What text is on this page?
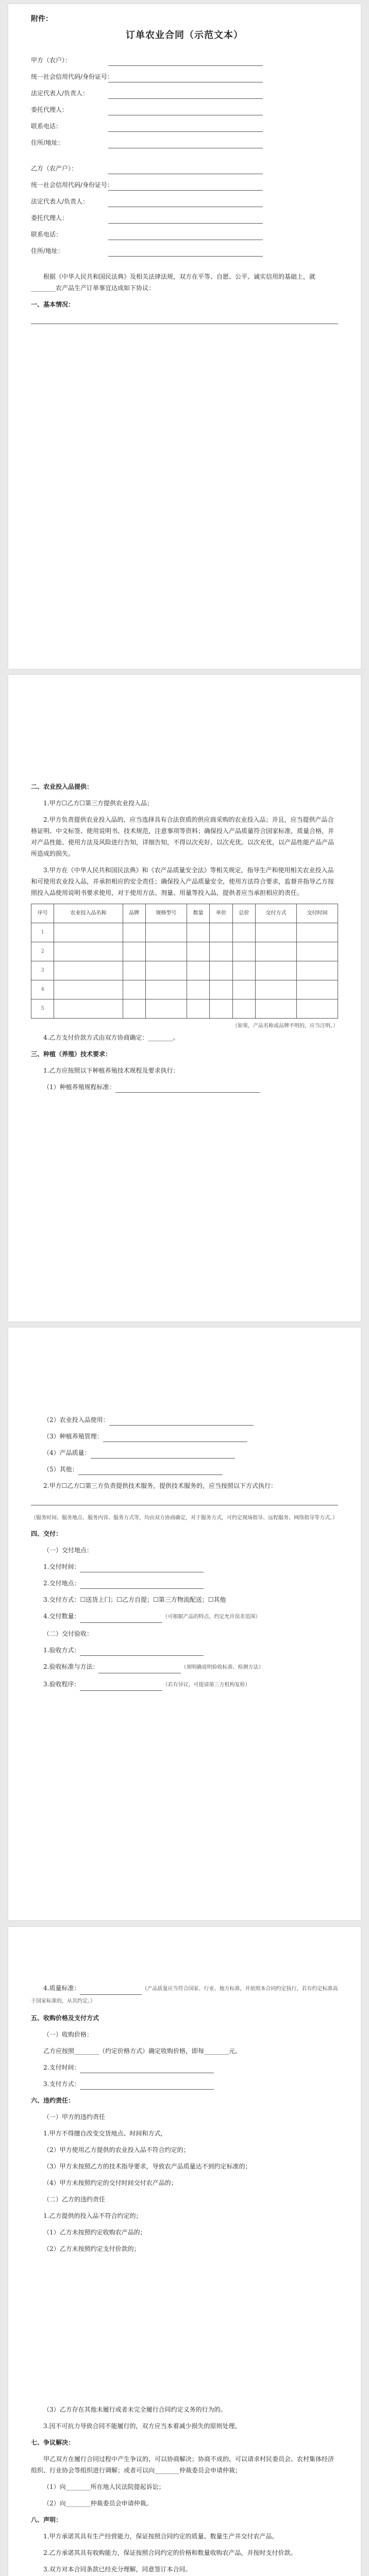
附件：
订单农业合同（示范文本）
甲方（农户）：
统一社会信用代码/身份证号：
法定代表人/负责人：
委托代理人：
联系电话：
住所/地址：
乙方（农产户）：
统一社会信用代码/身份证号：
法定代表人/负责人：
委托代理人：
联系电话：
住所/地址：
根据《中华人民共和国民法典》及相关法律法规，双方在平等、自愿、公平、诚实信用的基础上，就________农产品生产订单事宜达成如下协议：
一、基本情况：
二、农业投入品提供：
1.甲方☐乙方☐第三方提供农业投入品；
2.甲方负责提供农业投入品的，应当选择具有合法资质的供应商采购的农业投入品；并且，应当提供产品合格证明、中文标签、使用说明书、技术规范，注意事项等资料；确保投入产品质量符合国家标准，质量合格，并对产品性能、使用方法及风险进行告知，详细告知，不得以次充好、以次充优。以次充优，以产品性能产品产品所造成的损失。
3.甲方在《中华人民共和国民法典》和《农产品质量安全法》等相关规定，指导生产和使用相关农业投入品和可使用农业投入品，并承担相应的安全责任；确保投入产品质量安全，使用方法符合要求，监督并指导乙方按照投入品使用说明书要求使用，对于使用方法、剂量、用量等投入品，提供者应当承担相应的责任。
序号	农业投入品名称	品牌	规格型号	数量	单价	总价	交付方式	交付时间
1								
2								
3								
4								
5								
（如果，产品名称或品牌不明的，应当注明。）
4.乙方支付价款方式由双方协商确定：________。
三、种植（养殖）技术要求：
1.乙方应按照以下种植养殖技术规程及要求执行：
（1）种植养殖规程标准：
（2）农业投入品使用：
（3）种植养殖管理：
（4）产品质量：
（5）其他：
2.甲方☐乙方☐第三方负责提供技术服务，提供技术服务的，应当按照以下方式执行：
（服务时间、服务地点、服务内容、服务方式等，均由双方协商确定，对于服务方式，可约定现场指导、远程服务、网络指导等方式。）
四、交付：
（一）交付地点：
1.交付时间：
2.交付地点：
3.交付方式：☐送货上门；☐乙方自提；☐第三方物流配送；☐其他
4.交付数量：	（可根据产品的特点，约定允许误差范围）
（二）交付验收：
1.验收方式：
2.验收标准与方法：	（须明确说明验收标准、检测方法）
3.验收程序：	（若有异议，可提请第三方机构复检）
4.质量标准：	（产品质量应当符合国家、行业、地方标准，并依照本合同约定执行，若有约定标准高于国家标准的，从其约定。）
五、收购价格及支付方式
（一）收购价格：
乙方应按照________（约定价格方式）确定收购价格，即每________元。
2.支付时间：
3.支付方式：
六、违约责任：
（一）甲方的违约责任
1.甲方不得擅自改变交货地点、时间和方式，
（2）甲方使用乙方提供的农业投入品不符合约定的；
（3）甲方未按照乙方的技术指导要求，导致农产品质量达不到约定标准的；
（4）甲方未按照约定的交付时间交付农产品的；
（二）乙方的违约责任
1.乙方提供的投入品不符合约定的；
（1）乙方未按照约定收购农产品的；
（2）乙方未按照约定支付价款的；
（3）乙方存在其他未履行或者未完全履行合同约定义务的行为的。
3.因不可抗力导致合同不能履行的，双方应当本着减少损失的原则处理。
七、争议解决：
甲乙双方在履行合同过程中产生争议的，可以协商解决；协商不成的，可以请求村民委员会、农村集体经济组织、行业协会等组织进行调解；或者可以向________仲裁委员会申请仲裁；
（1）向________所在地人民法院提起诉讼；
（2）向________仲裁委员会申请仲裁。
八、声明：
1.甲方承诺其具有生产经营能力，保证按照合同约定的质量、数量生产并交付农产品。
2.乙方承诺其具有收购能力，保证按照合同约定的价格和数量收购农产品，并按时支付价款。
3.双方对本合同条款已经充分理解，同意签订本合同。
